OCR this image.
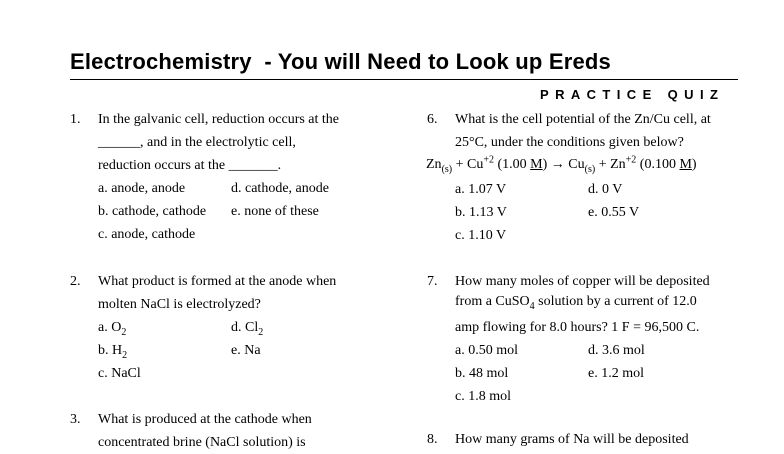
Electrochemistry  - You will Need to Look up Ereds
PRACTICE QUIZ
1. In the galvanic cell, reduction occurs at the
______, and in the electrolytic cell,
reduction occurs at the _______.
a. anode, anode	d. cathode, anode
b. cathode, cathode e. none of these
c. anode, cathode
2. What product is formed at the anode when
molten NaCl is electrolyzed?
a. $O_2$	d. $Cl_2$
b. $H_2$	e. Na
c. NaCl
3. What is produced at the cathode when
concentrated brine (NaCl solution) is
6. What is the cell potential of the Zn/Cu cell, at
25°C, under the conditions given below?
$Zn_{(s)} + Cu^{+2}$ (1.00 $M) \to Cu_{(s)} + Zn^{+2}$ (0.100 M)
a. 1.07 V	d. 0 V
b. 1.13 V	e. 0.55 V
c. 1.10 V
7. How many moles of copper will be deposited
from a CuSO$_4$ solution by a current of 12.0
amp flowing for 8.0 hours? 1 F = 96,500 C.
a. 0.50 mol	d. 3.6 mol
b. 48 mol	e. 1.2 mol
c. 1.8 mol
8. How many grams of Na will be deposited
